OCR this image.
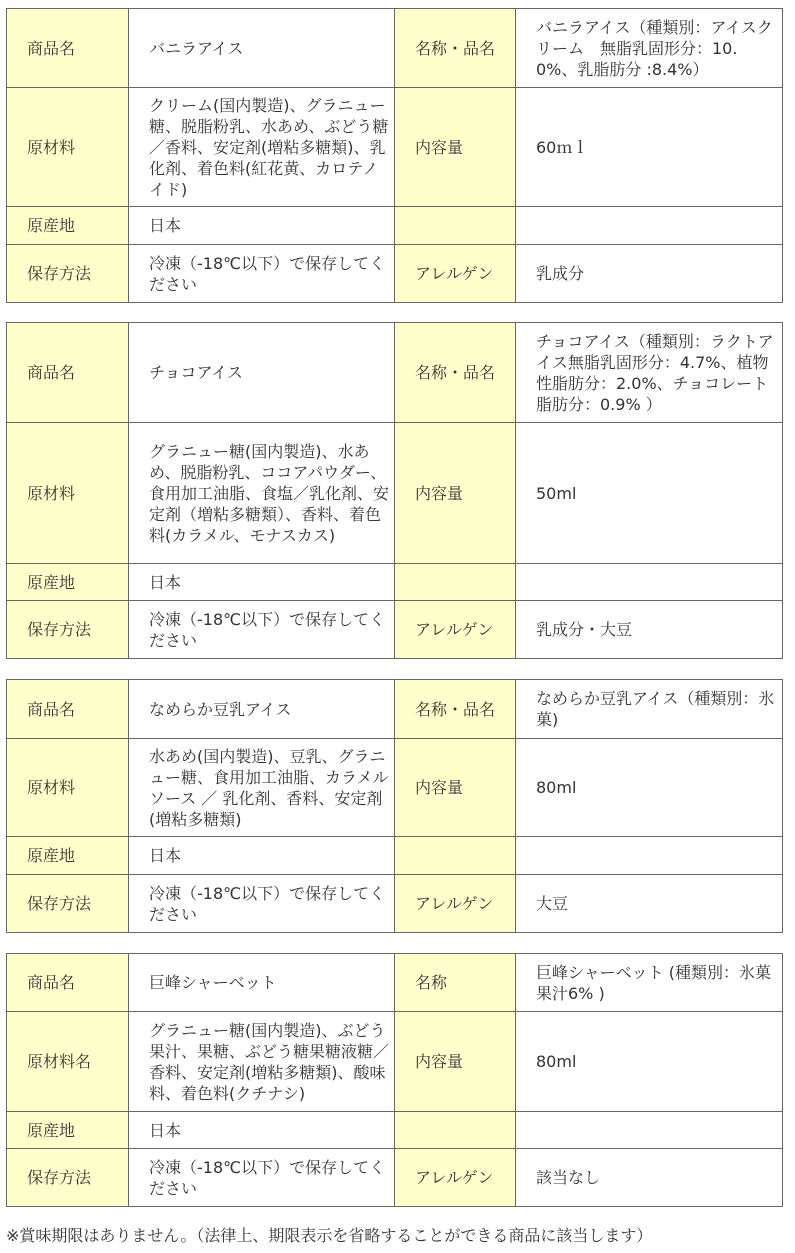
商品名	バニラアイス	名称・品名	バニラアイス（種類別：アイスクリーム　無脂乳固形分：10.0%、乳脂肪分 :8.4%）
原材料	クリーム(国内製造)、グラニュー糖、脱脂粉乳、水あめ、ぶどう糖／香料、安定剤(増粘多糖類)、乳化剤、着色料(紅花黄、カロテノイド)	内容量	60ｍｌ
原産地	日本		
保存方法	冷凍（-18℃以下）で保存してください	アレルゲン	乳成分
商品名	チョコアイス	名称・品名	チョコアイス（種類別：ラクトアイス無脂乳固形分：4.7%、植物性脂肪分：2.0%、チョコレート脂肪分：0.9% ）
原材料	グラニュー糖(国内製造)、水あめ、脱脂粉乳、ココアパウダー、食用加工油脂、食塩／乳化剤、安定剤（増粘多糖類）、香料、着色料(カラメル、モナスカス)	内容量	50ml
原産地	日本		
保存方法	冷凍（-18℃以下）で保存してください	アレルゲン	乳成分・大豆
商品名	なめらか豆乳アイス	名称・品名	なめらか豆乳アイス（種類別：氷菓)
原材料	水あめ(国内製造)、豆乳、グラニュー糖、食用加工油脂、カラメルソース ／ 乳化剤、香料、安定剤(増粘多糖類)	内容量	80ml
原産地	日本		
保存方法	冷凍（-18℃以下）で保存してください	アレルゲン	大豆
商品名	巨峰シャーベット	名称	巨峰シャーベット (種類別：氷菓　果汁6% )
原材料名	グラニュー糖(国内製造)、ぶどう果汁、果糖、ぶどう糖果糖液糖／香料、安定剤(増粘多糖類)、酸味料、着色料(クチナシ)	内容量	80ml
原産地	日本		
保存方法	冷凍（-18℃以下）で保存してください	アレルゲン	該当なし
※賞味期限はありません。（法律上、期限表示を省略することができる商品に該当します）
